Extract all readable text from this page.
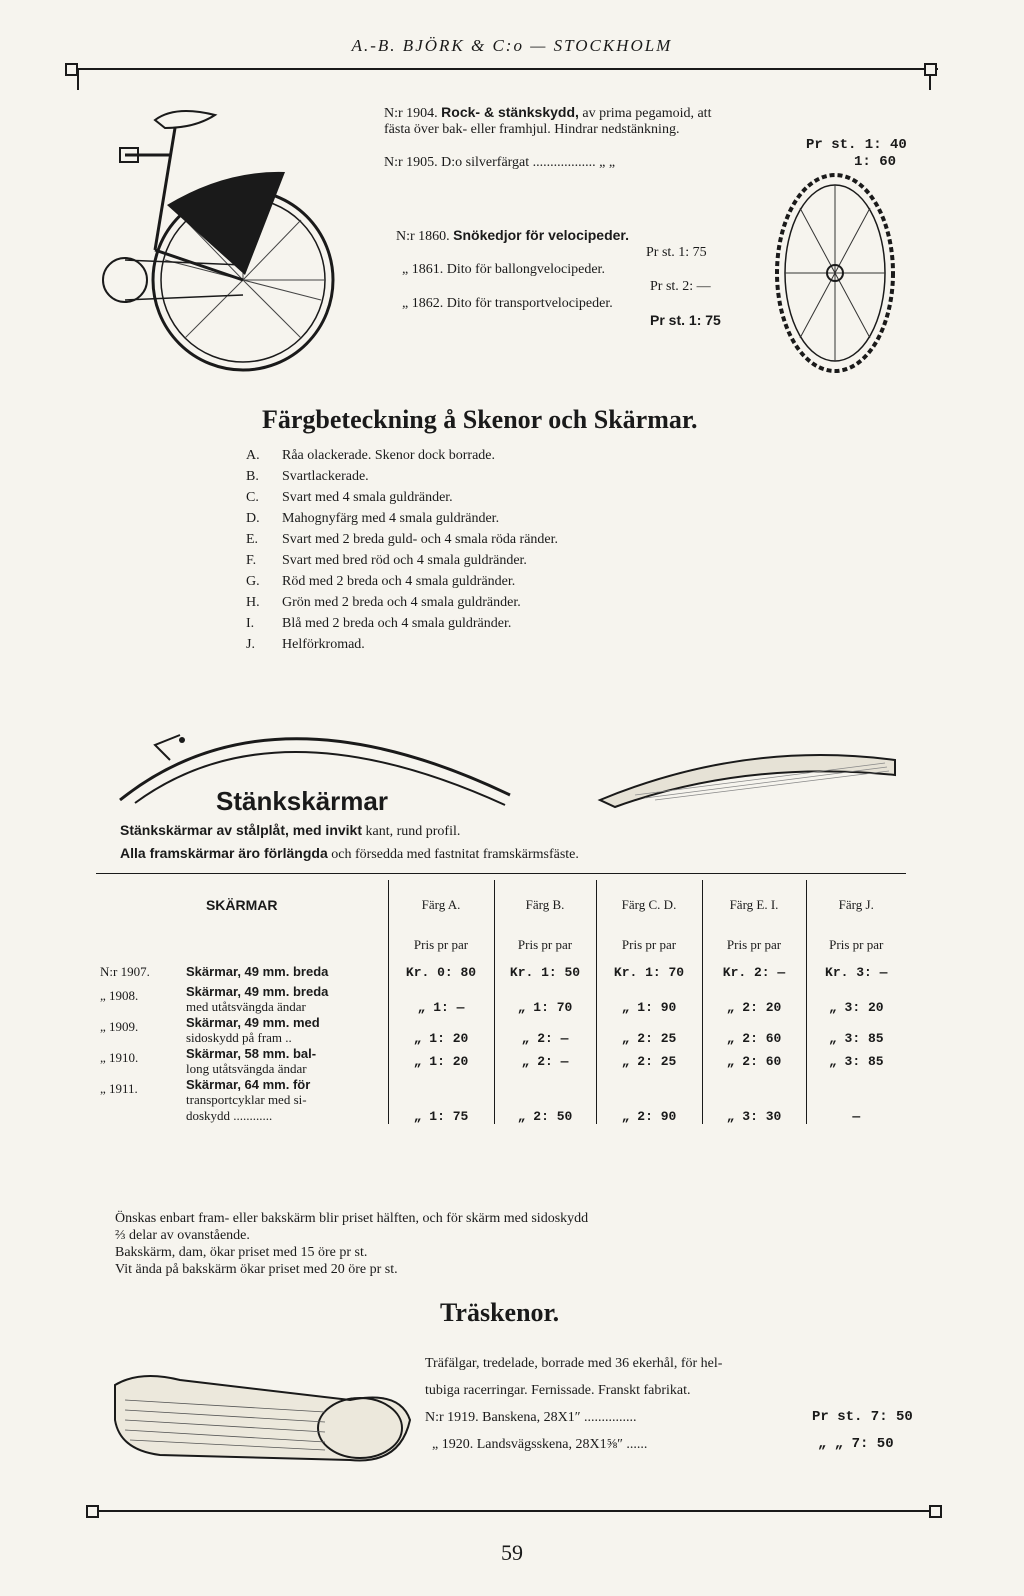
A.-B. BJÖRK & C:o — STOCKHOLM
N:r 1904. Rock- & stänkskydd, av prima pegamoid, att
fästa över bak- eller framhjul. Hindrar nedstänkning.
Pr st. 1: 40
N:r 1905. D:o silverfärgat .................. „ „	1: 60
N:r 1860. Snökedjor för velocipeder.
Pr st. 1: 75
„ 1861. Dito för ballongvelocipeder.
Pr st. 2: —
„ 1862. Dito för transportvelocipeder.
Pr st. 1: 75
Färgbeteckning å Skenor och Skärmar.
A. Råa olackerade. Skenor dock borrade.
B. Svartlackerade.
C. Svart med 4 smala guldränder.
D. Mahognyfärg med 4 smala guldränder.
E. Svart med 2 breda guld- och 4 smala röda ränder.
F. Svart med bred röd och 4 smala guldränder.
G. Röd med 2 breda och 4 smala guldränder.
H. Grön med 2 breda och 4 smala guldränder.
I. Blå med 2 breda och 4 smala guldränder.
J. Helförkromad.
Stänkskärmar
Stänkskärmar av stålplåt, med invikt kant, rund profil.
Alla framskärmar äro förlängda och försedda med fastnitat framskärmsfäste.
SKÄRMAR		Färg A.	Färg B.	Färg C. D.	Färg E. I.	Färg J.
		Pris pr par	Pris pr par	Pris pr par	Pris pr par	Pris pr par
N:r 1907.	Skärmar, 49 mm. breda	Kr. 0: 80	Kr. 1: 50	Kr. 1: 70	Kr. 2: —	Kr. 3: —
„ 1908.	Skärmar, 49 mm. breda
med utåtsvängda ändar	„ 1: —	„ 1: 70	„ 1: 90	„ 2: 20	„ 3: 20
„ 1909.	Skärmar, 49 mm. med
sidoskydd på fram ..	„ 1: 20	„ 2: —	„ 2: 25	„ 2: 60	„ 3: 85
„ 1910.	Skärmar, 58 mm. bal-
long utåtsvängda ändar	„ 1: 20	„ 2: —	„ 2: 25	„ 2: 60	„ 3: 85
„ 1911.	Skärmar, 64 mm. för
transportcyklar med si-
doskydd ............	„ 1: 75	„ 2: 50	„ 2: 90	„ 3: 30	—
Önskas enbart fram- eller bakskärm blir priset hälften, och för skärm med sidoskydd
⅔ delar av ovanstående.
Bakskärm, dam, ökar priset med 15 öre pr st.
Vit ända på bakskärm ökar priset med 20 öre pr st.
Träskenor.
Träfälgar, tredelade, borrade med 36 ekerhål, för hel-
tubiga racerringar. Fernissade. Franskt fabrikat.
N:r 1919. Banskena, 28X1″ ...............	Pr st. 7: 50
„ 1920. Landsvägsskena, 28X1⅝″ ......	„ „ 7: 50
59
